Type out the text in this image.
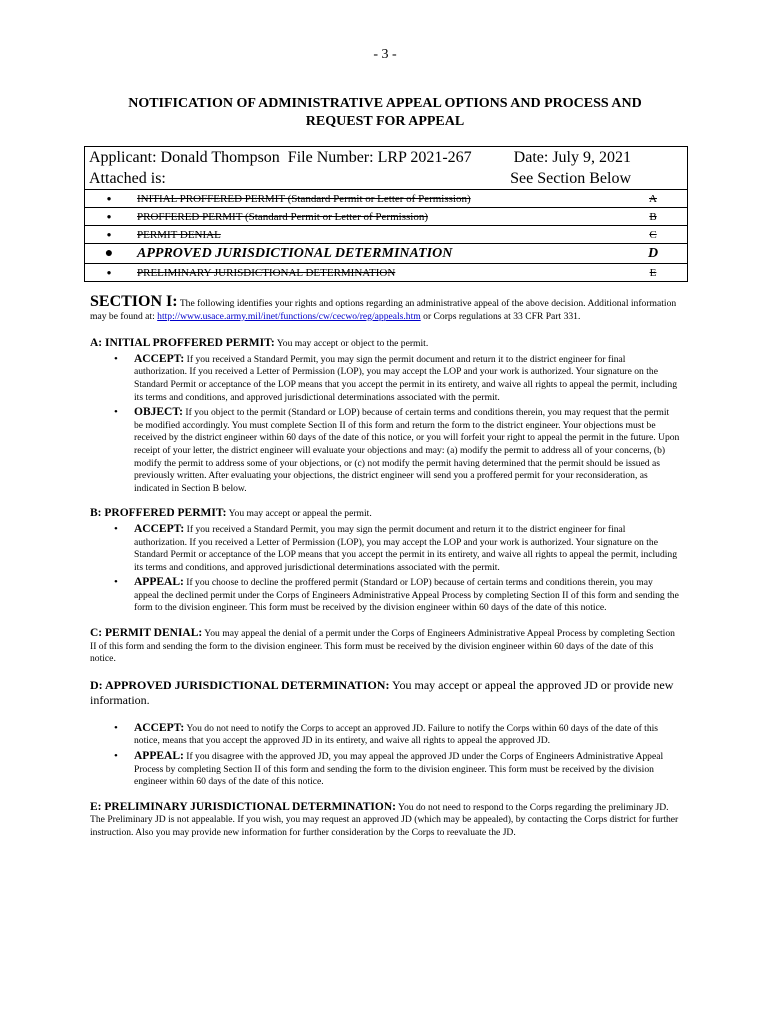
- 3 -
NOTIFICATION OF ADMINISTRATIVE APPEAL OPTIONS AND PROCESS AND
REQUEST FOR APPEAL
Applicant: Donald Thompson File Number: LRP 2021-267		Date: July 9, 2021	
Attached is:		See Section Below	
●	INITIAL PROFFERED PERMIT (Standard Permit or Letter of Permission)		A
●	PROFFERED PERMIT (Standard Permit or Letter of Permission)		B
●	PERMIT DENIAL		C
●	APPROVED JURISDICTIONAL DETERMINATION		D
●	PRELIMINARY JURISDICTIONAL DETERMINATION		E
SECTION I: The following identifies your rights and options regarding an administrative appeal of the above decision. Additional information may be found at: http://www.usace.army.mil/inet/functions/cw/cecwo/reg/appeals.htm or Corps regulations at 33 CFR Part 331.
A: INITIAL PROFFERED PERMIT: You may accept or object to the permit.
• ACCEPT: If you received a Standard Permit, you may sign the permit document and return it to the district engineer for final authorization. If you received a Letter of Permission (LOP), you may accept the LOP and your work is authorized. Your signature on the Standard Permit or acceptance of the LOP means that you accept the permit in its entirety, and waive all rights to appeal the permit, including its terms and conditions, and approved jurisdictional determinations associated with the permit.
• OBJECT: If you object to the permit (Standard or LOP) because of certain terms and conditions therein, you may request that the permit be modified accordingly. You must complete Section II of this form and return the form to the district engineer. Your objections must be received by the district engineer within 60 days of the date of this notice, or you will forfeit your right to appeal the permit in the future. Upon receipt of your letter, the district engineer will evaluate your objections and may: (a) modify the permit to address all of your concerns, (b) modify the permit to address some of your objections, or (c) not modify the permit having determined that the permit should be issued as previously written. After evaluating your objections, the district engineer will send you a proffered permit for your reconsideration, as indicated in Section B below.
B: PROFFERED PERMIT: You may accept or appeal the permit.
• ACCEPT: If you received a Standard Permit, you may sign the permit document and return it to the district engineer for final authorization. If you received a Letter of Permission (LOP), you may accept the LOP and your work is authorized. Your signature on the Standard Permit or acceptance of the LOP means that you accept the permit in its entirety, and waive all rights to appeal the permit, including its terms and conditions, and approved jurisdictional determinations associated with the permit.
• APPEAL: If you choose to decline the proffered permit (Standard or LOP) because of certain terms and conditions therein, you may appeal the declined permit under the Corps of Engineers Administrative Appeal Process by completing Section II of this form and sending the form to the division engineer. This form must be received by the division engineer within 60 days of the date of this notice.
C: PERMIT DENIAL: You may appeal the denial of a permit under the Corps of Engineers Administrative Appeal Process by completing Section II of this form and sending the form to the division engineer. This form must be received by the division engineer within 60 days of the date of this notice.
D: APPROVED JURISDICTIONAL DETERMINATION: You may accept or appeal the approved JD or provide new information.
• ACCEPT: You do not need to notify the Corps to accept an approved JD. Failure to notify the Corps within 60 days of the date of this notice, means that you accept the approved JD in its entirety, and waive all rights to appeal the approved JD.
• APPEAL: If you disagree with the approved JD, you may appeal the approved JD under the Corps of Engineers Administrative Appeal Process by completing Section II of this form and sending the form to the division engineer. This form must be received by the division engineer within 60 days of the date of this notice.
E: PRELIMINARY JURISDICTIONAL DETERMINATION: You do not need to respond to the Corps regarding the preliminary JD. The Preliminary JD is not appealable. If you wish, you may request an approved JD (which may be appealed), by contacting the Corps district for further instruction. Also you may provide new information for further consideration by the Corps to reevaluate the JD.
